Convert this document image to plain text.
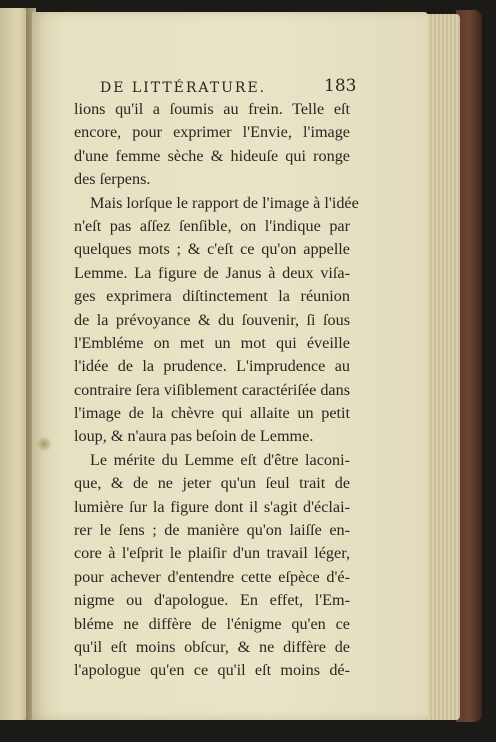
DE LITTÉRATURE.	183
lions qu'il a ſoumis au frein. Telle eſt
encore, pour exprimer l'Envie, l'image
d'une femme sèche & hideuſe qui ronge
des ſerpens.
Mais lorſque le rapport de l'image à l'idée
n'eſt pas aſſez ſenſible, on l'indique par
quelques mots ; & c'eſt ce qu'on appelle
Lemme. La figure de Janus à deux viſa-
ges exprimera diſtinctement la réunion
de la prévoyance & du ſouvenir, ſi ſous
l'Embléme on met un mot qui éveille
l'idée de la prudence. L'imprudence au
contraire ſera viſiblement caractériſée dans
l'image de la chèvre qui allaite un petit
loup, & n'aura pas beſoin de Lemme.
Le mérite du Lemme eſt d'être laconi-
que, & de ne jeter qu'un ſeul trait de
lumière ſur la figure dont il s'agit d'éclai-
rer le ſens ; de manière qu'on laiſſe en-
core à l'eſprit le plaiſir d'un travail léger,
pour achever d'entendre cette eſpèce d'é-
nigme ou d'apologue. En effet, l'Em-
bléme ne diffère de l'énigme qu'en ce
qu'il eſt moins obſcur, & ne diffère de
l'apologue qu'en ce qu'il eſt moins dé-
